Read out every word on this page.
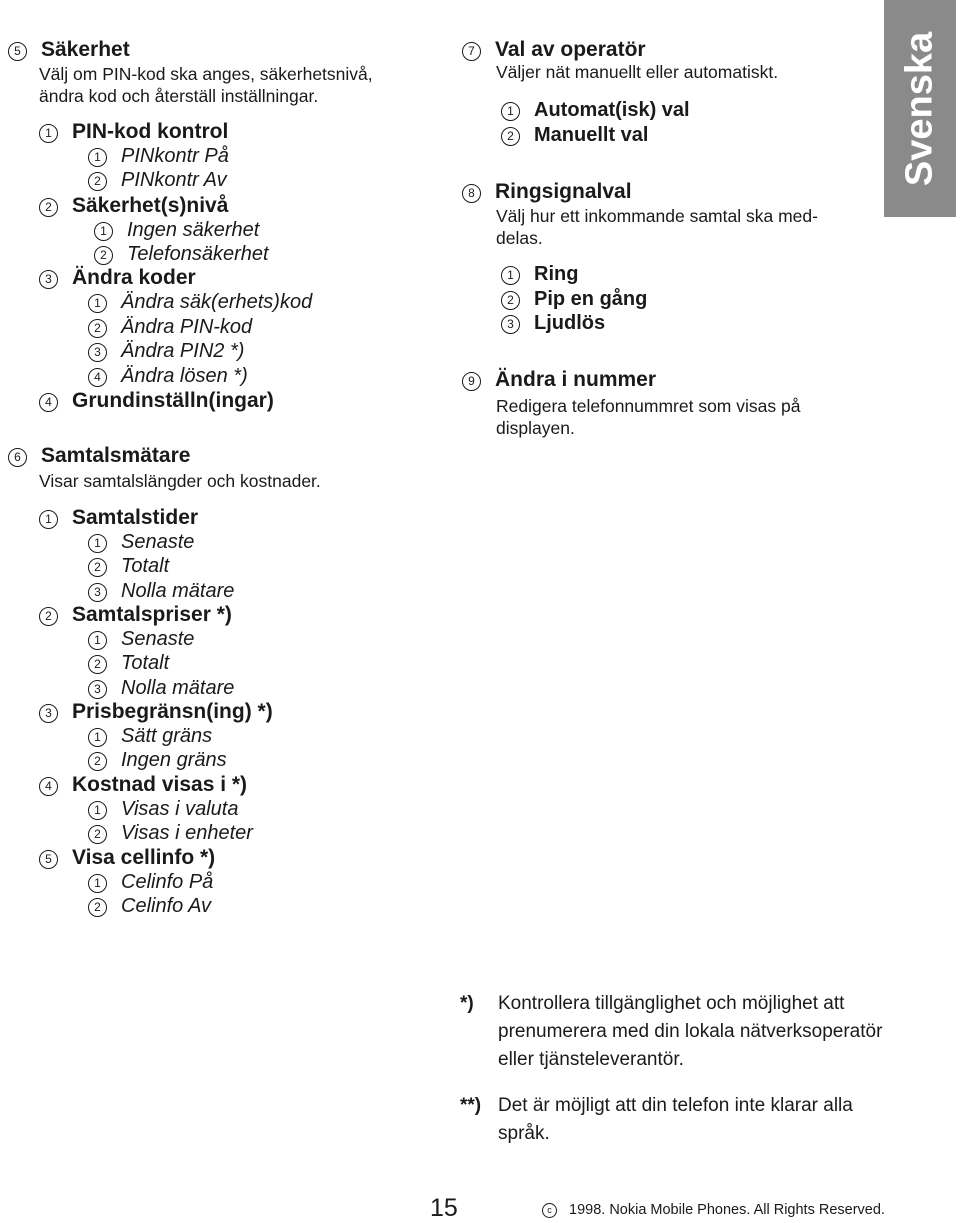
Svenska
5 Säkerhet
Välj om PIN-kod ska anges, säkerhetsnivå,
ändra kod och återställ inställningar.
1 PIN-kod kontrol
1 PINkontr På
2 PINkontr Av
2 Säkerhet(s)nivå
1 Ingen säkerhet
2 Telefonsäkerhet
3 Ändra koder
1 Ändra säk(erhets)kod
2 Ändra PIN-kod
3 Ändra PIN2 *)
4 Ändra lösen *)
4 Grundinställn(ingar)
6 Samtalsmätare
Visar samtalslängder och kostnader.
1 Samtalstider
1 Senaste
2 Totalt
3 Nolla mätare
2 Samtalspriser *)
1 Senaste
2 Totalt
3 Nolla mätare
3 Prisbegränsn(ing) *)
1 Sätt gräns
2 Ingen gräns
4 Kostnad visas i *)
1 Visas i valuta
2 Visas i enheter
5 Visa cellinfo *)
1 Celinfo På
2 Celinfo Av
7 Val av operatör
Väljer nät manuellt eller automatiskt.
1 Automat(isk) val
2 Manuellt val
8 Ringsignalval
Välj hur ett inkommande samtal ska med-
delas.
1 Ring
2 Pip en gång
3 Ljudlös
9 Ändra i nummer
Redigera telefonnummret som visas på
displayen.
*) Kontrollera tillgänglighet och möjlighet att prenumerera med din lokala nätverksoperatör eller tjänsteleverantör.
**) Det är möjligt att din telefon inte klarar alla språk.
15	c 1998. Nokia Mobile Phones. All Rights Reserved.
